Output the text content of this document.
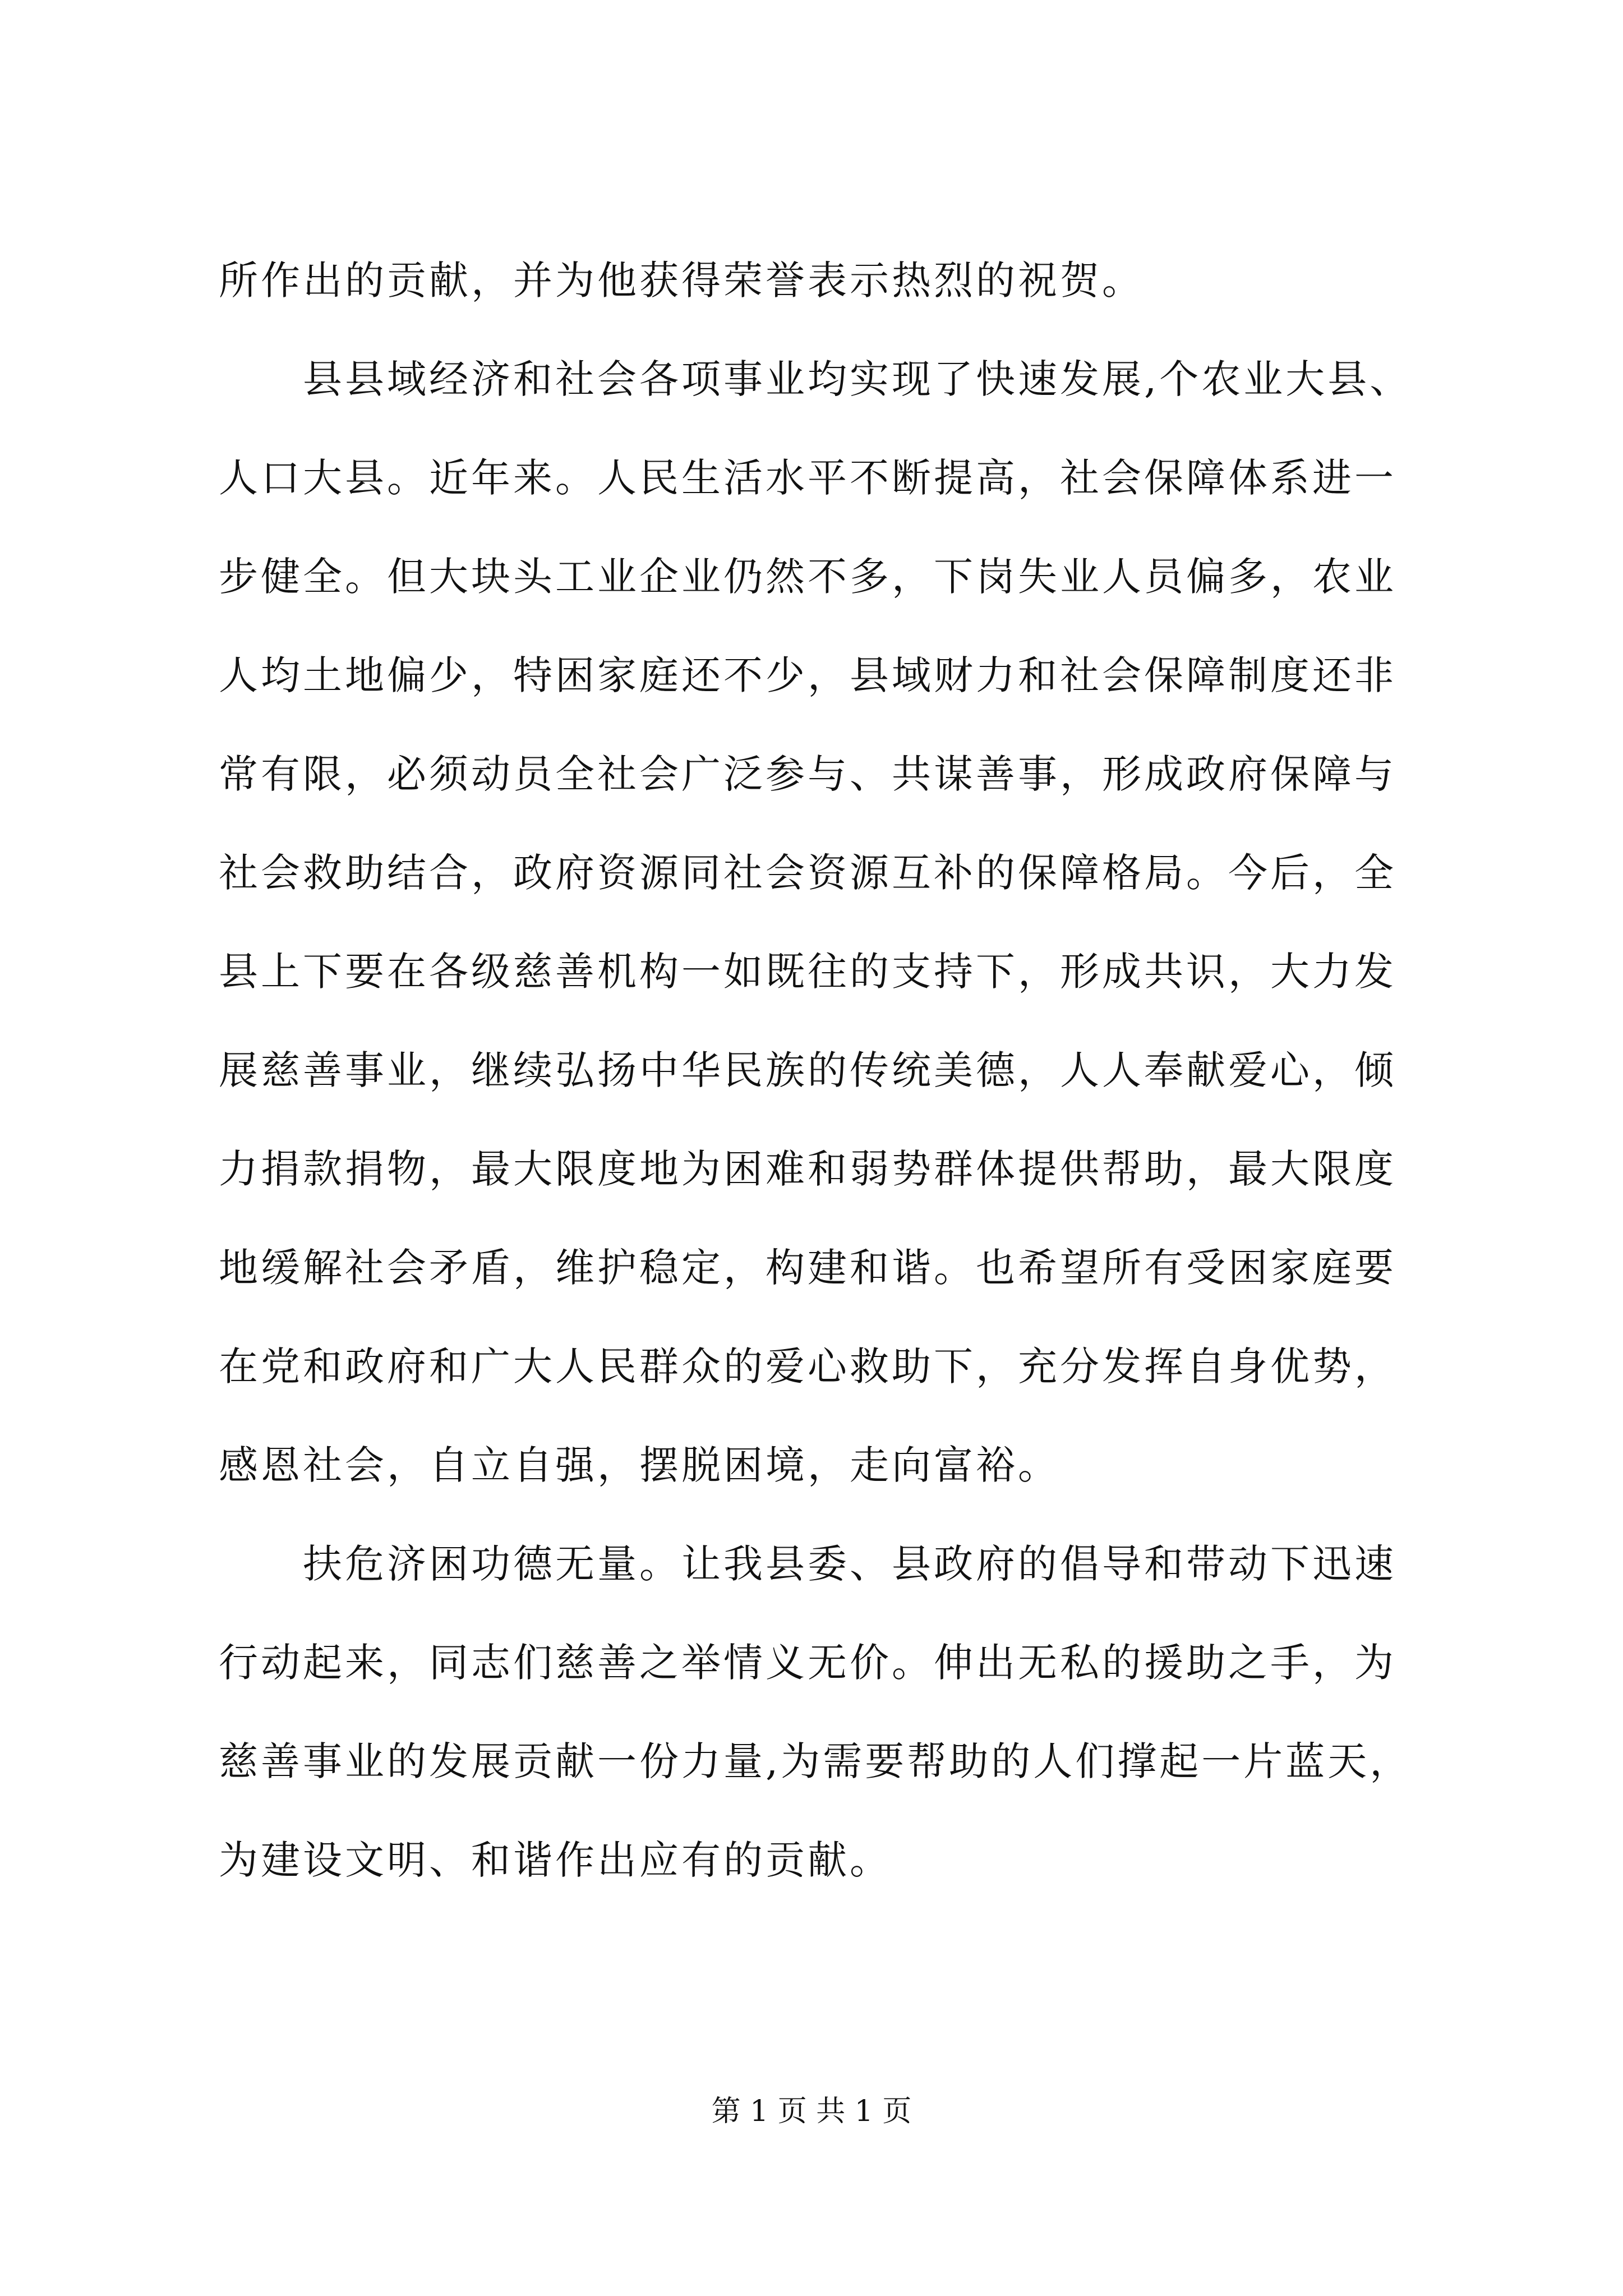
所作出的贡献，并为他获得荣誉表示热烈的祝贺。
县县域经济和社会各项事业均实现了快速发展,个农业大县、
人口大县。近年来。人民生活水平不断提高，社会保障体系进一
步健全。但大块头工业企业仍然不多，下岗失业人员偏多，农业
人均土地偏少，特困家庭还不少，县域财力和社会保障制度还非
常有限，必须动员全社会广泛参与、共谋善事，形成政府保障与
社会救助结合，政府资源同社会资源互补的保障格局。今后，全
县上下要在各级慈善机构一如既往的支持下，形成共识，大力发
展慈善事业，继续弘扬中华民族的传统美德，人人奉献爱心，倾
力捐款捐物，最大限度地为困难和弱势群体提供帮助，最大限度
地缓解社会矛盾，维护稳定，构建和谐。也希望所有受困家庭要
在党和政府和广大人民群众的爱心救助下，充分发挥自身优势，
感恩社会，自立自强，摆脱困境，走向富裕。
扶危济困功德无量。让我县委、县政府的倡导和带动下迅速
行动起来，同志们慈善之举情义无价。伸出无私的援助之手，为
慈善事业的发展贡献一份力量,为需要帮助的人们撑起一片蓝天，
为建设文明、和谐作出应有的贡献。
第 1 页 共 1 页
